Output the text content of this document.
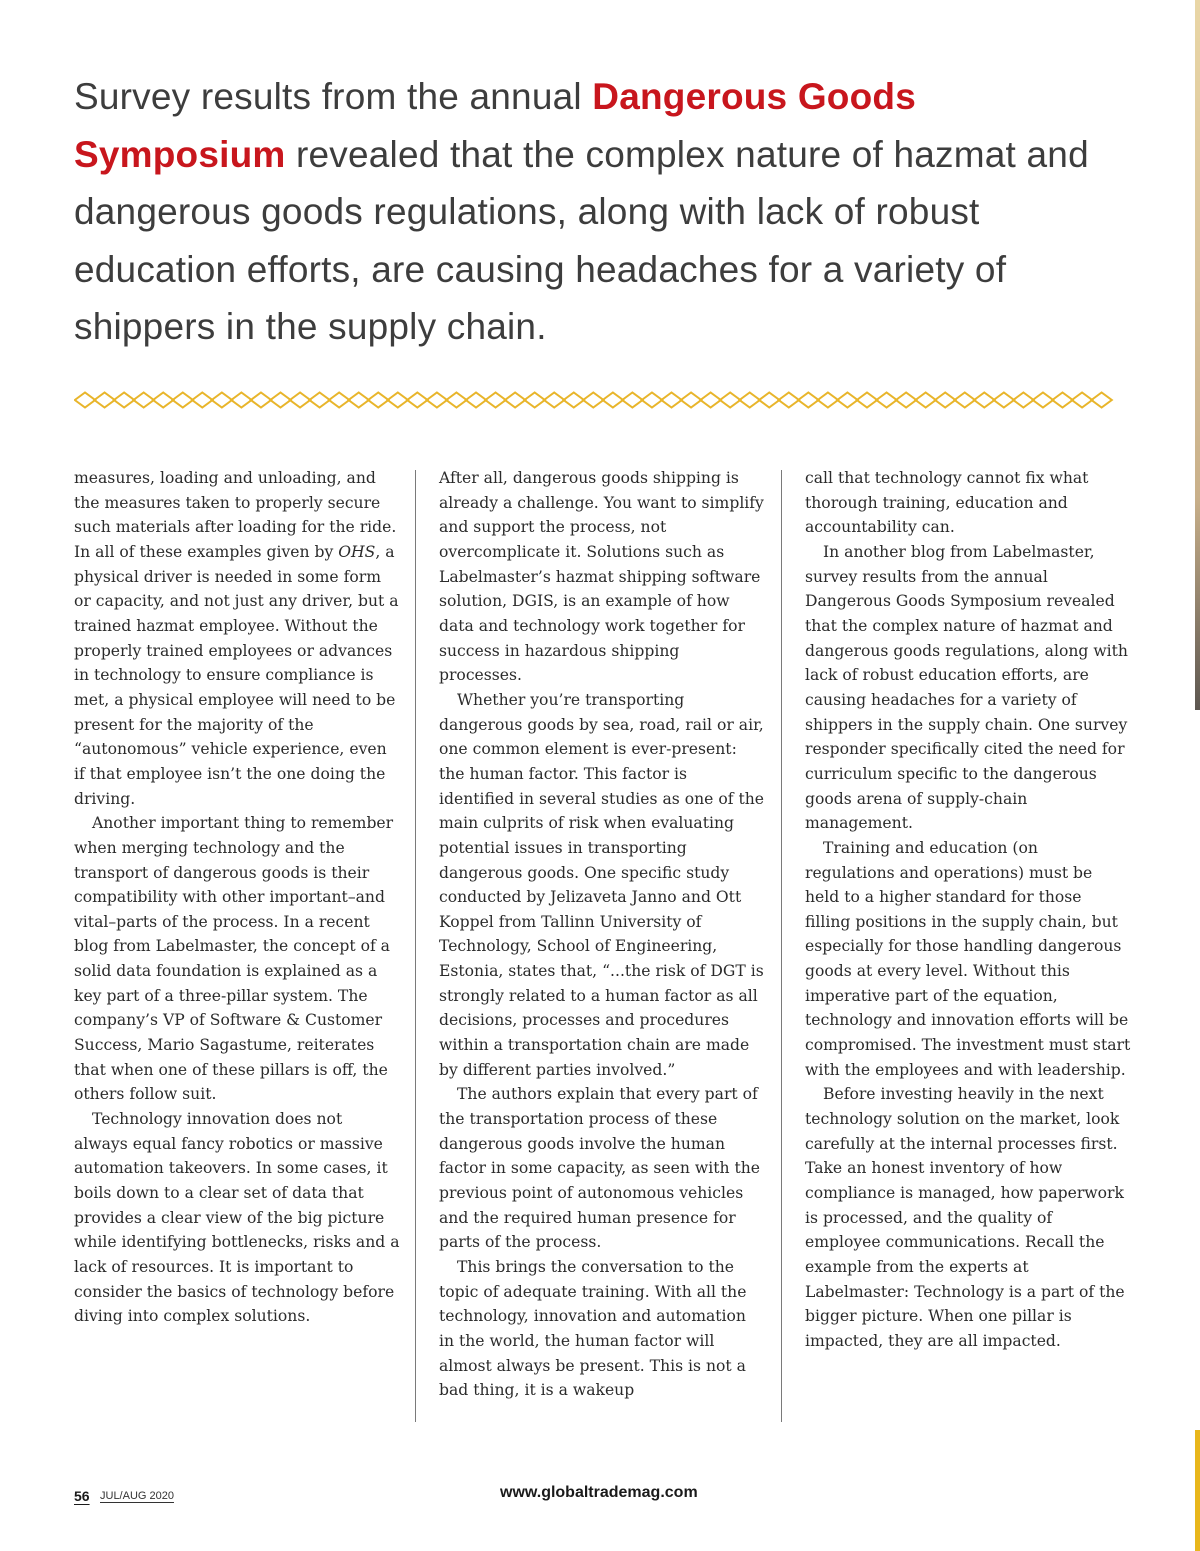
Survey results from the annual Dangerous Goods Symposium revealed that the complex nature of hazmat and dangerous goods regulations, along with lack of robust education efforts, are causing headaches for a variety of shippers in the supply chain.

measures, loading and unloading, and the measures taken to properly secure such materials after loading for the ride. In all of these examples given by OHS, a physical driver is needed in some form or capacity, and not just any driver, but a trained hazmat employee. Without the properly trained employees or advances in technology to ensure compliance is met, a physical employee will need to be present for the majority of the “autonomous” vehicle experience, even if that employee isn’t the one doing the driving.

Another important thing to remember when merging technology and the transport of dangerous goods is their compatibility with other important–and vital–parts of the process. In a recent blog from Labelmaster, the concept of a solid data foundation is explained as a key part of a three-pillar system. The company’s VP of Software & Customer Success, Mario Sagastume, reiterates that when one of these pillars is off, the others follow suit.

Technology innovation does not always equal fancy robotics or massive automation takeovers. In some cases, it boils down to a clear set of data that provides a clear view of the big picture while identifying bottlenecks, risks and a lack of resources. It is important to consider the basics of technology before diving into complex solutions.

After all, dangerous goods shipping is already a challenge. You want to simplify and support the process, not overcomplicate it. Solutions such as Labelmaster’s hazmat shipping software solution, DGIS, is an example of how data and technology work together for success in hazardous shipping processes.

Whether you’re transporting dangerous goods by sea, road, rail or air, one common element is ever-present: the human factor. This factor is identified in several studies as one of the main culprits of risk when evaluating potential issues in transporting dangerous goods. One specific study conducted by Jelizaveta Janno and Ott Koppel from Tallinn University of Technology, School of Engineering, Estonia, states that, “...the risk of DGT is strongly related to a human factor as all decisions, processes and procedures within a transportation chain are made by different parties involved.”

The authors explain that every part of the transportation process of these dangerous goods involve the human factor in some capacity, as seen with the previous point of autonomous vehicles and the required human presence for parts of the process.

This brings the conversation to the topic of adequate training. With all the technology, innovation and automation in the world, the human factor will almost always be present. This is not a bad thing, it is a wakeup

call that technology cannot fix what thorough training, education and accountability can.

In another blog from Labelmaster, survey results from the annual Dangerous Goods Symposium revealed that the complex nature of hazmat and dangerous goods regulations, along with lack of robust education efforts, are causing headaches for a variety of shippers in the supply chain. One survey responder specifically cited the need for curriculum specific to the dangerous goods arena of supply-chain management.

Training and education (on regulations and operations) must be held to a higher standard for those filling positions in the supply chain, but especially for those handling dangerous goods at every level. Without this imperative part of the equation, technology and innovation efforts will be compromised. The investment must start with the employees and with leadership.

Before investing heavily in the next technology solution on the market, look carefully at the internal processes first. Take an honest inventory of how compliance is managed, how paperwork is processed, and the quality of employee communications. Recall the example from the experts at Labelmaster: Technology is a part of the bigger picture. When one pillar is impacted, they are all impacted.

56 JUL/AUG 2020	www.globaltrademag.com
